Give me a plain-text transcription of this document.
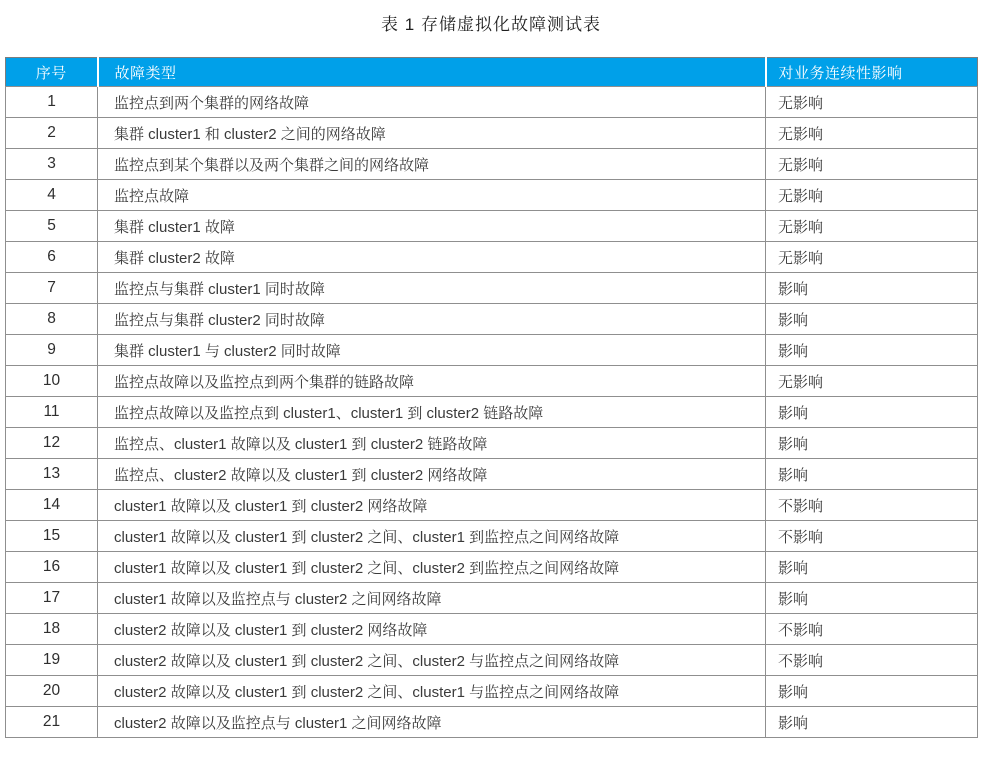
表 1 存储虚拟化故障测试表
序号	故障类型	对业务连续性影响
1	监控点到两个集群的网络故障	无影响
2	集群 cluster1 和 cluster2 之间的网络故障	无影响
3	监控点到某个集群以及两个集群之间的网络故障	无影响
4	监控点故障	无影响
5	集群 cluster1 故障	无影响
6	集群 cluster2 故障	无影响
7	监控点与集群 cluster1 同时故障	影响
8	监控点与集群 cluster2 同时故障	影响
9	集群 cluster1 与 cluster2 同时故障	影响
10	监控点故障以及监控点到两个集群的链路故障	无影响
11	监控点故障以及监控点到 cluster1、cluster1 到 cluster2 链路故障	影响
12	监控点、cluster1 故障以及 cluster1 到 cluster2 链路故障	影响
13	监控点、cluster2 故障以及 cluster1 到 cluster2 网络故障	影响
14	cluster1 故障以及 cluster1 到 cluster2 网络故障	不影响
15	cluster1 故障以及 cluster1 到 cluster2 之间、cluster1 到监控点之间网络故障	不影响
16	cluster1 故障以及 cluster1 到 cluster2 之间、cluster2 到监控点之间网络故障	影响
17	cluster1 故障以及监控点与 cluster2 之间网络故障	影响
18	cluster2 故障以及 cluster1 到 cluster2 网络故障	不影响
19	cluster2 故障以及 cluster1 到 cluster2 之间、cluster2 与监控点之间网络故障	不影响
20	cluster2 故障以及 cluster1 到 cluster2 之间、cluster1 与监控点之间网络故障	影响
21	cluster2 故障以及监控点与 cluster1 之间网络故障	影响
